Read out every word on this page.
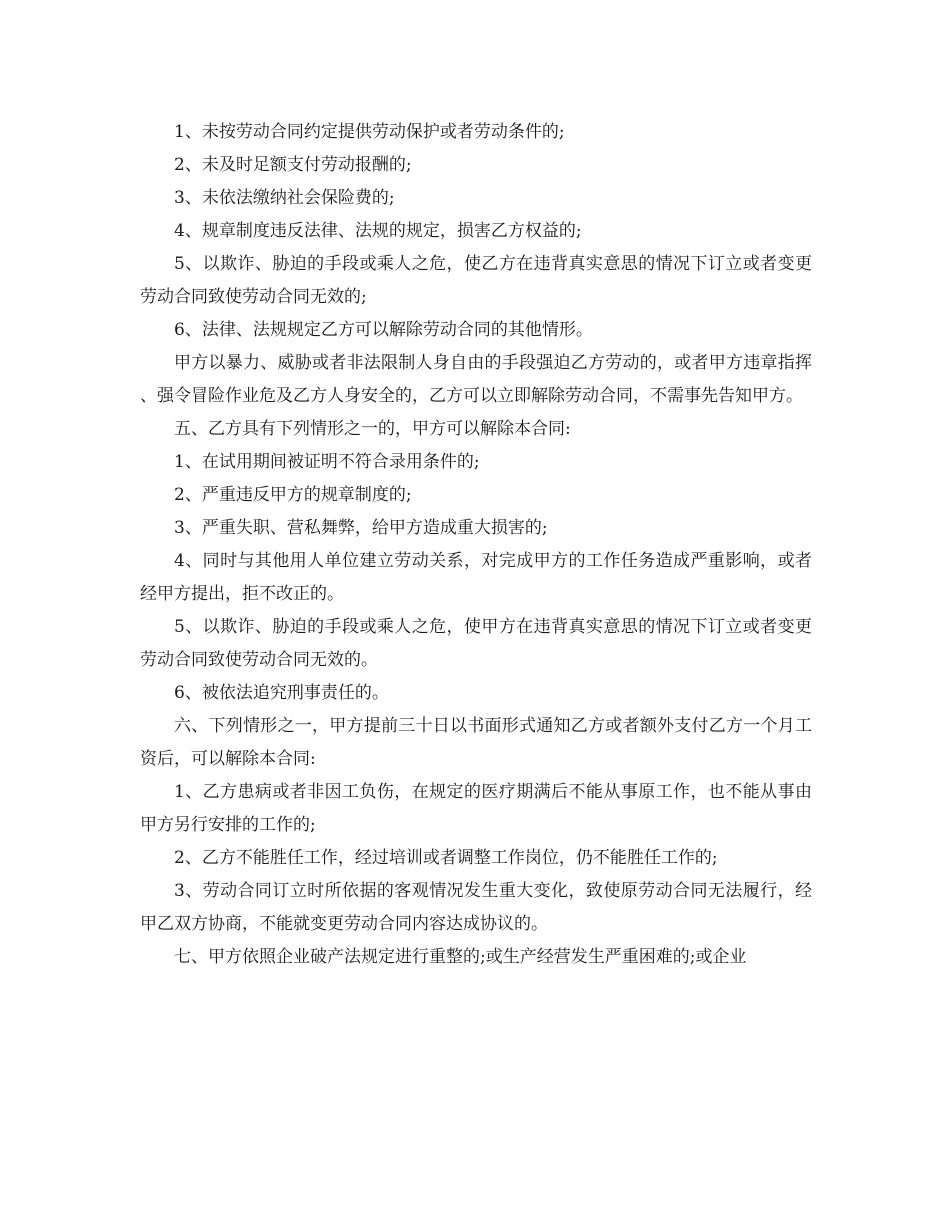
1、未按劳动合同约定提供劳动保护或者劳动条件的;

2、未及时足额支付劳动报酬的;

3、未依法缴纳社会保险费的;

4、规章制度违反法律、法规的规定，损害乙方权益的;

5、以欺诈、胁迫的手段或乘人之危，使乙方在违背真实意思的情况下订立或者变更劳动合同致使劳动合同无效的;

6、法律、法规规定乙方可以解除劳动合同的其他情形。

甲方以暴力、威胁或者非法限制人身自由的手段强迫乙方劳动的，或者甲方违章指挥、强令冒险作业危及乙方人身安全的，乙方可以立即解除劳动合同，不需事先告知甲方。

五、乙方具有下列情形之一的，甲方可以解除本合同:

1、在试用期间被证明不符合录用条件的;

2、严重违反甲方的规章制度的;

3、严重失职、营私舞弊，给甲方造成重大损害的;

4、同时与其他用人单位建立劳动关系，对完成甲方的工作任务造成严重影响，或者经甲方提出，拒不改正的。

5、以欺诈、胁迫的手段或乘人之危，使甲方在违背真实意思的情况下订立或者变更劳动合同致使劳动合同无效的。

6、被依法追究刑事责任的。

六、下列情形之一，甲方提前三十日以书面形式通知乙方或者额外支付乙方一个月工资后，可以解除本合同:

1、乙方患病或者非因工负伤，在规定的医疗期满后不能从事原工作，也不能从事由甲方另行安排的工作的;

2、乙方不能胜任工作，经过培训或者调整工作岗位，仍不能胜任工作的;

3、劳动合同订立时所依据的客观情况发生重大变化，致使原劳动合同无法履行，经甲乙双方协商，不能就变更劳动合同内容达成协议的。

七、甲方依照企业破产法规定进行重整的;或生产经营发生严重困难的;或企业
